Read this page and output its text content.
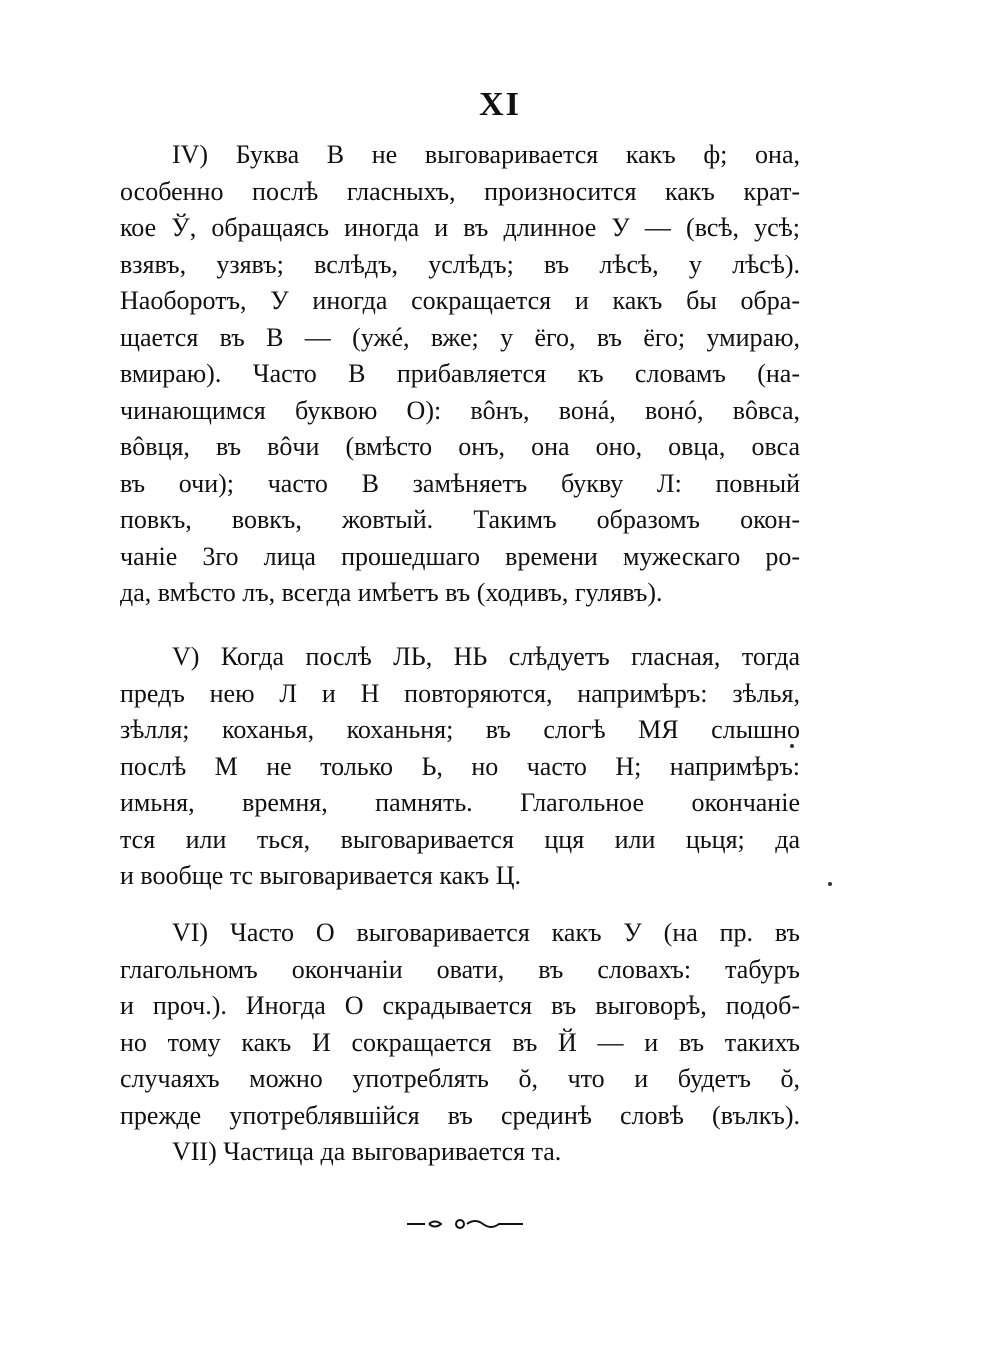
XI
IV) Буква В не выговаривается какъ ф; она,
особенно послѣ гласныхъ, произносится какъ крат-
кое Ў, обращаясь иногда и въ длинное У — (всѣ, усѣ;
взявъ, узявъ; вслѣдъ, услѣдъ; въ лѣсѣ, у лѣсѣ).
Наоборотъ, У иногда сокращается и какъ бы обра-
щается въ В — (ужé, вже; у ёго, въ ёго; умираю,
вмираю). Часто В прибавляется къ словамъ (на-
чинающимся буквою О): вôнъ, вонá, вонó, вôвса,
вôвця, въ вôчи (вмѣсто онъ, она оно, овца, овса
въ очи); часто В замѣняетъ букву Л: повный
повкъ, вовкъ, жовтый. Такимъ образомъ окон-
чаніе 3го лица прошедшаго времени мужескаго ро-
да, вмѣсто лъ, всегда имѣетъ въ (ходивъ, гулявъ).
V) Когда послѣ ЛЬ, НЬ слѣдуетъ гласная, тогда
предъ нею Л и Н повторяются, напримѣръ: зѣлья,
зѣлля; коханья, коханьня; въ слогѣ МЯ слышно
послѣ М не только Ь, но часто Н; напримѣръ:
имьня, времня, памнять. Глагольное окончаніе
тся или ться, выговаривается цця или цьця; да
и вообще тс выговаривается какъ Ц.
VI) Часто О выговаривается какъ У (на пр. въ
глагольномъ окончаніи овати, въ словахъ: табуръ
и проч.). Иногда О скрадывается въ выговорѣ, подоб-
но тому какъ И сокращается въ Й — и въ такихъ
случаяхъ можно употреблять ŏ, что и будетъ ŏ,
прежде употреблявшійся въ срединѣ словѣ (вълкъ).
VII) Частица да выговаривается та.
